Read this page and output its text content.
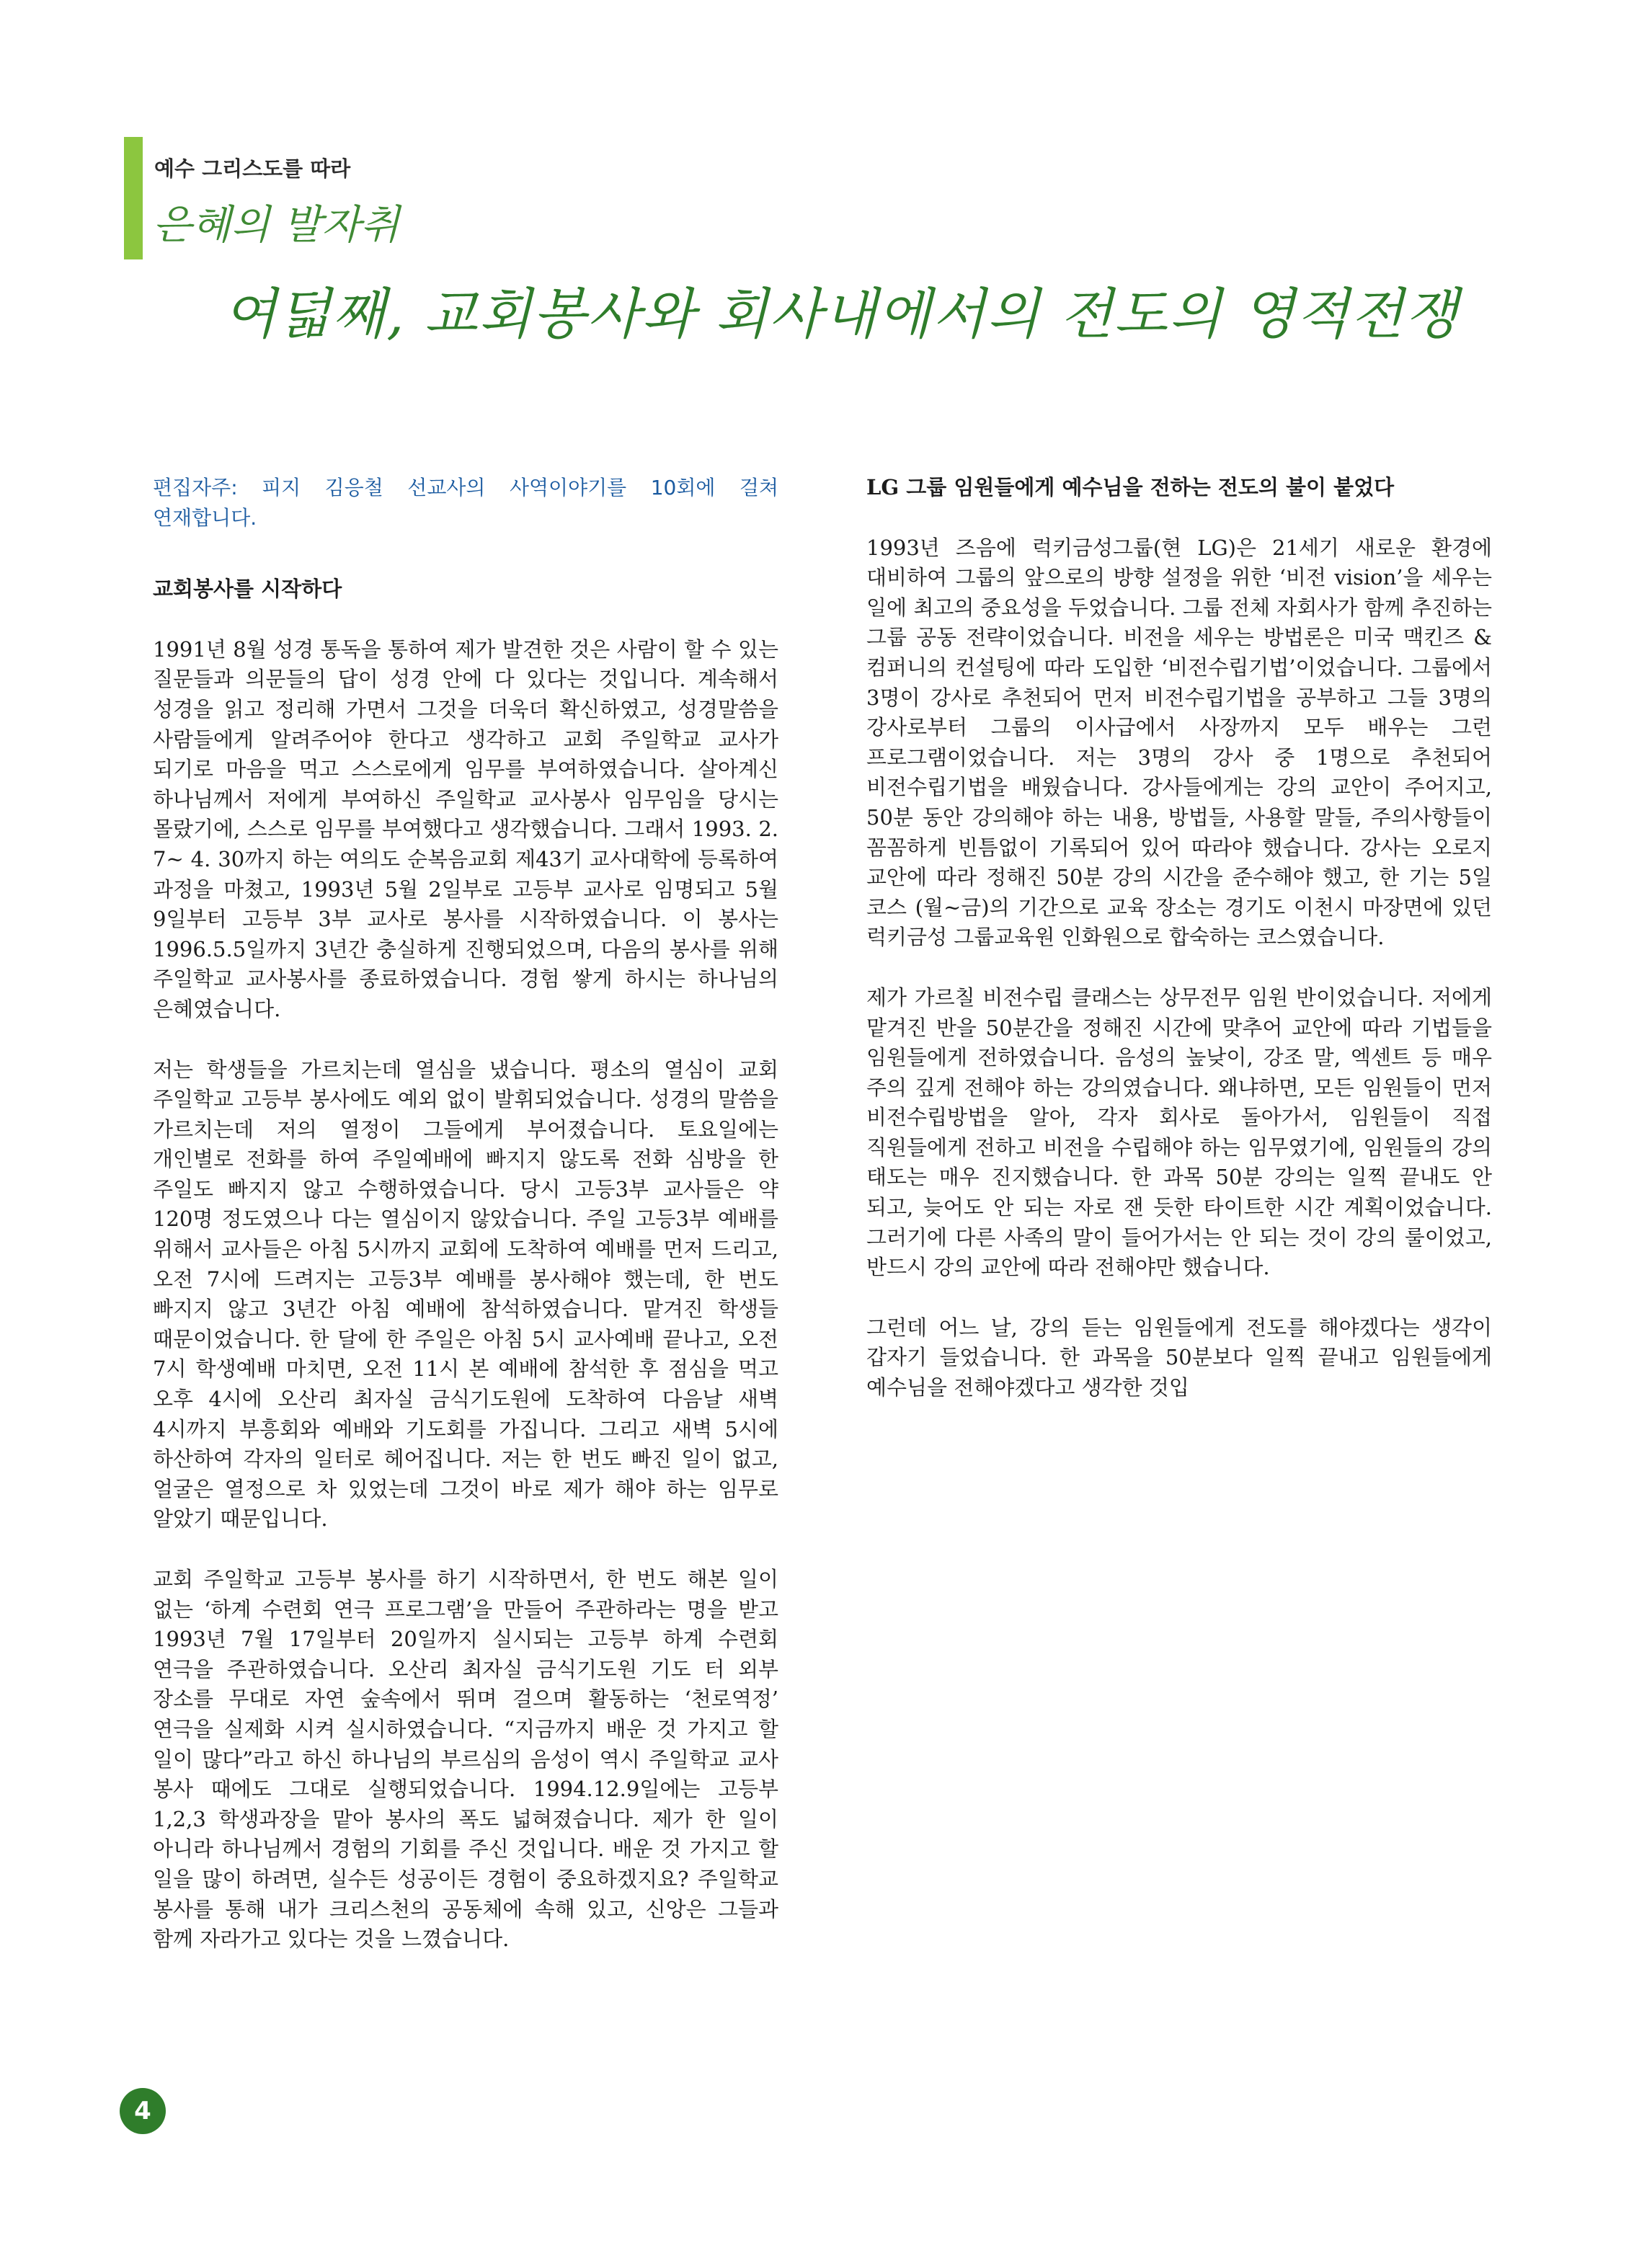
예수 그리스도를 따라
은혜의 발자취
여덟째, 교회봉사와 회사내에서의 전도의 영적전쟁

편집자주: 피지 김응철 선교사의 사역이야기를 10회에 걸쳐 연재합니다.

교회봉사를 시작하다

1991년 8월 성경 통독을 통하여 제가 발견한 것은 사람이 할 수 있는 질문들과 의문들의 답이 성경 안에 다 있다는 것입니다. 계속해서 성경을 읽고 정리해 가면서 그것을 더욱더 확신하였고, 성경말씀을 사람들에게 알려주어야 한다고 생각하고 교회 주일학교 교사가 되기로 마음을 먹고 스스로에게 임무를 부여하였습니다. 살아계신 하나님께서 저에게 부여하신 주일학교 교사봉사 임무임을 당시는 몰랐기에, 스스로 임무를 부여했다고 생각했습니다. 그래서 1993. 2. 7~ 4. 30까지 하는 여의도 순복음교회 제43기 교사대학에 등록하여 과정을 마쳤고, 1993년 5월 2일부로 고등부 교사로 임명되고 5월 9일부터 고등부 3부 교사로 봉사를 시작하였습니다. 이 봉사는 1996.5.5일까지 3년간 충실하게 진행되었으며, 다음의 봉사를 위해 주일학교 교사봉사를 종료하였습니다. 경험 쌓게 하시는 하나님의 은혜였습니다.

저는 학생들을 가르치는데 열심을 냈습니다. 평소의 열심이 교회 주일학교 고등부 봉사에도 예외 없이 발휘되었습니다. 성경의 말씀을 가르치는데 저의 열정이 그들에게 부어졌습니다. 토요일에는 개인별로 전화를 하여 주일예배에 빠지지 않도록 전화 심방을 한 주일도 빠지지 않고 수행하였습니다. 당시 고등3부 교사들은 약 120명 정도였으나 다는 열심이지 않았습니다. 주일 고등3부 예배를 위해서 교사들은 아침 5시까지 교회에 도착하여 예배를 먼저 드리고, 오전 7시에 드려지는 고등3부 예배를 봉사해야 했는데, 한 번도 빠지지 않고 3년간 아침 예배에 참석하였습니다. 맡겨진 학생들 때문이었습니다. 한 달에 한 주일은 아침 5시 교사예배 끝나고, 오전 7시 학생예배 마치면, 오전 11시 본 예배에 참석한 후 점심을 먹고 오후 4시에 오산리 최자실 금식기도원에 도착하여 다음날 새벽 4시까지 부흥회와 예배와 기도회를 가집니다. 그리고 새벽 5시에 하산하여 각자의 일터로 헤어집니다. 저는 한 번도 빠진 일이 없고, 얼굴은 열정으로 차 있었는데 그것이 바로 제가 해야 하는 임무로 알았기 때문입니다.

교회 주일학교 고등부 봉사를 하기 시작하면서, 한 번도 해본 일이 없는 ‘하계 수련회 연극 프로그램’을 만들어 주관하라는 명을 받고 1993년 7월 17일부터 20일까지 실시되는 고등부 하계 수련회 연극을 주관하였습니다. 오산리 최자실 금식기도원 기도 터 외부 장소를 무대로 자연 숲속에서 뛰며 걸으며 활동하는 ‘천로역정’ 연극을 실제화 시켜 실시하였습니다. “지금까지 배운 것 가지고 할 일이 많다”라고 하신 하나님의 부르심의 음성이 역시 주일학교 교사 봉사 때에도 그대로 실행되었습니다. 1994.12.9일에는 고등부 1,2,3 학생과장을 맡아 봉사의 폭도 넓혀졌습니다. 제가 한 일이 아니라 하나님께서 경험의 기회를 주신 것입니다. 배운 것 가지고 할 일을 많이 하려면, 실수든 성공이든 경험이 중요하겠지요? 주일학교 봉사를 통해 내가 크리스천의 공동체에 속해 있고, 신앙은 그들과 함께 자라가고 있다는 것을 느꼈습니다.

LG 그룹 임원들에게 예수님을 전하는 전도의 불이 붙었다

1993년 즈음에 럭키금성그룹(현 LG)은 21세기 새로운 환경에 대비하여 그룹의 앞으로의 방향 설정을 위한 ‘비전 vision’을 세우는 일에 최고의 중요성을 두었습니다. 그룹 전체 자회사가 함께 추진하는 그룹 공동 전략이었습니다. 비전을 세우는 방법론은 미국 맥킨즈 & 컴퍼니의 컨설팅에 따라 도입한 ‘비전수립기법’이었습니다. 그룹에서 3명이 강사로 추천되어 먼저 비전수립기법을 공부하고 그들 3명의 강사로부터 그룹의 이사급에서 사장까지 모두 배우는 그런 프로그램이었습니다. 저는 3명의 강사 중 1명으로 추천되어 비전수립기법을 배웠습니다. 강사들에게는 강의 교안이 주어지고, 50분 동안 강의해야 하는 내용, 방법들, 사용할 말들, 주의사항들이 꼼꼼하게 빈틈없이 기록되어 있어 따라야 했습니다. 강사는 오로지 교안에 따라 정해진 50분 강의 시간을 준수해야 했고, 한 기는 5일 코스 (월~금)의 기간으로 교육 장소는 경기도 이천시 마장면에 있던 럭키금성 그룹교육원 인화원으로 합숙하는 코스였습니다.

제가 가르칠 비전수립 클래스는 상무전무 임원 반이었습니다. 저에게 맡겨진 반을 50분간을 정해진 시간에 맞추어 교안에 따라 기법들을 임원들에게 전하였습니다. 음성의 높낮이, 강조 말, 엑센트 등 매우 주의 깊게 전해야 하는 강의였습니다. 왜냐하면, 모든 임원들이 먼저 비전수립방법을 알아, 각자 회사로 돌아가서, 임원들이 직접 직원들에게 전하고 비전을 수립해야 하는 임무였기에, 임원들의 강의 태도는 매우 진지했습니다. 한 과목 50분 강의는 일찍 끝내도 안 되고, 늦어도 안 되는 자로 잰 듯한 타이트한 시간 계획이었습니다. 그러기에 다른 사족의 말이 들어가서는 안 되는 것이 강의 룰이었고, 반드시 강의 교안에 따라 전해야만 했습니다.

그런데 어느 날, 강의 듣는 임원들에게 전도를 해야겠다는 생각이 갑자기 들었습니다. 한 과목을 50분보다 일찍 끝내고 임원들에게 예수님을 전해야겠다고 생각한 것입

4
